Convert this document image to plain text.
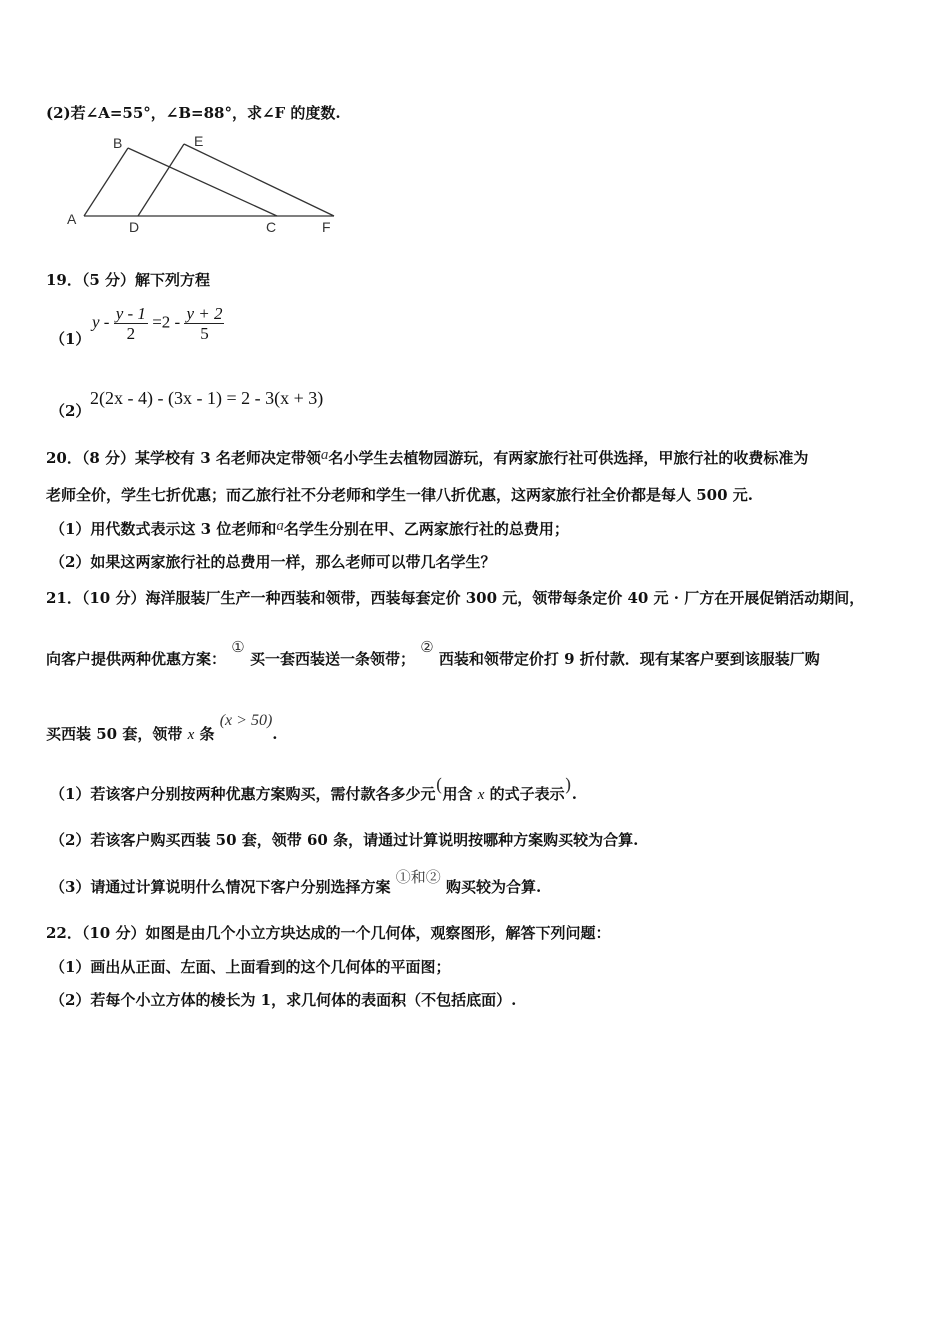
(2)若∠A=55°，∠B=88°，求∠F 的度数.
B	E
A	D	C	F
19．（5 分）解下列方程
（1）
$y - \frac{y - 1}{2} =2 - \frac{y + 2}{5}$
（2）
2(2x - 4) - (3x - 1) = 2 - 3(x + 3)
20．（8 分）某学校有 3 名老师决定带领a名小学生去植物园游玩，有两家旅行社可供选择，甲旅行社的收费标准为
老师全价，学生七折优惠；而乙旅行社不分老师和学生一律八折优惠，这两家旅行社全价都是每人 500 元.
（1）用代数式表示这 3 位老师和a名学生分别在甲、乙两家旅行社的总费用；
（2）如果这两家旅行社的总费用一样，那么老师可以带几名学生？
21．（10 分）海洋服装厂生产一种西装和领带，西装每套定价 300 元，领带每条定价 40 元 · 厂方在开展促销活动期间，
向客户提供两种优惠方案： ① 买一套西装送一条领带； ② 西装和领带定价打 9 折付款．现有某客户要到该服装厂购
买西装 50 套，领带 x 条 (x > 50).
（1）若该客户分别按两种优惠方案购买，需付款各多少元(用含 x 的式子表示).
（2）若该客户购买西装 50 套，领带 60 条，请通过计算说明按哪种方案购买较为合算.
（3）请通过计算说明什么情况下客户分别选择方案 ①和② 购买较为合算.
22．（10 分）如图是由几个小立方块达成的一个几何体，观察图形，解答下列问题：
（1）画出从正面、左面、上面看到的这个几何体的平面图；
（2）若每个小立方体的棱长为 1，求几何体的表面积（不包括底面）.
